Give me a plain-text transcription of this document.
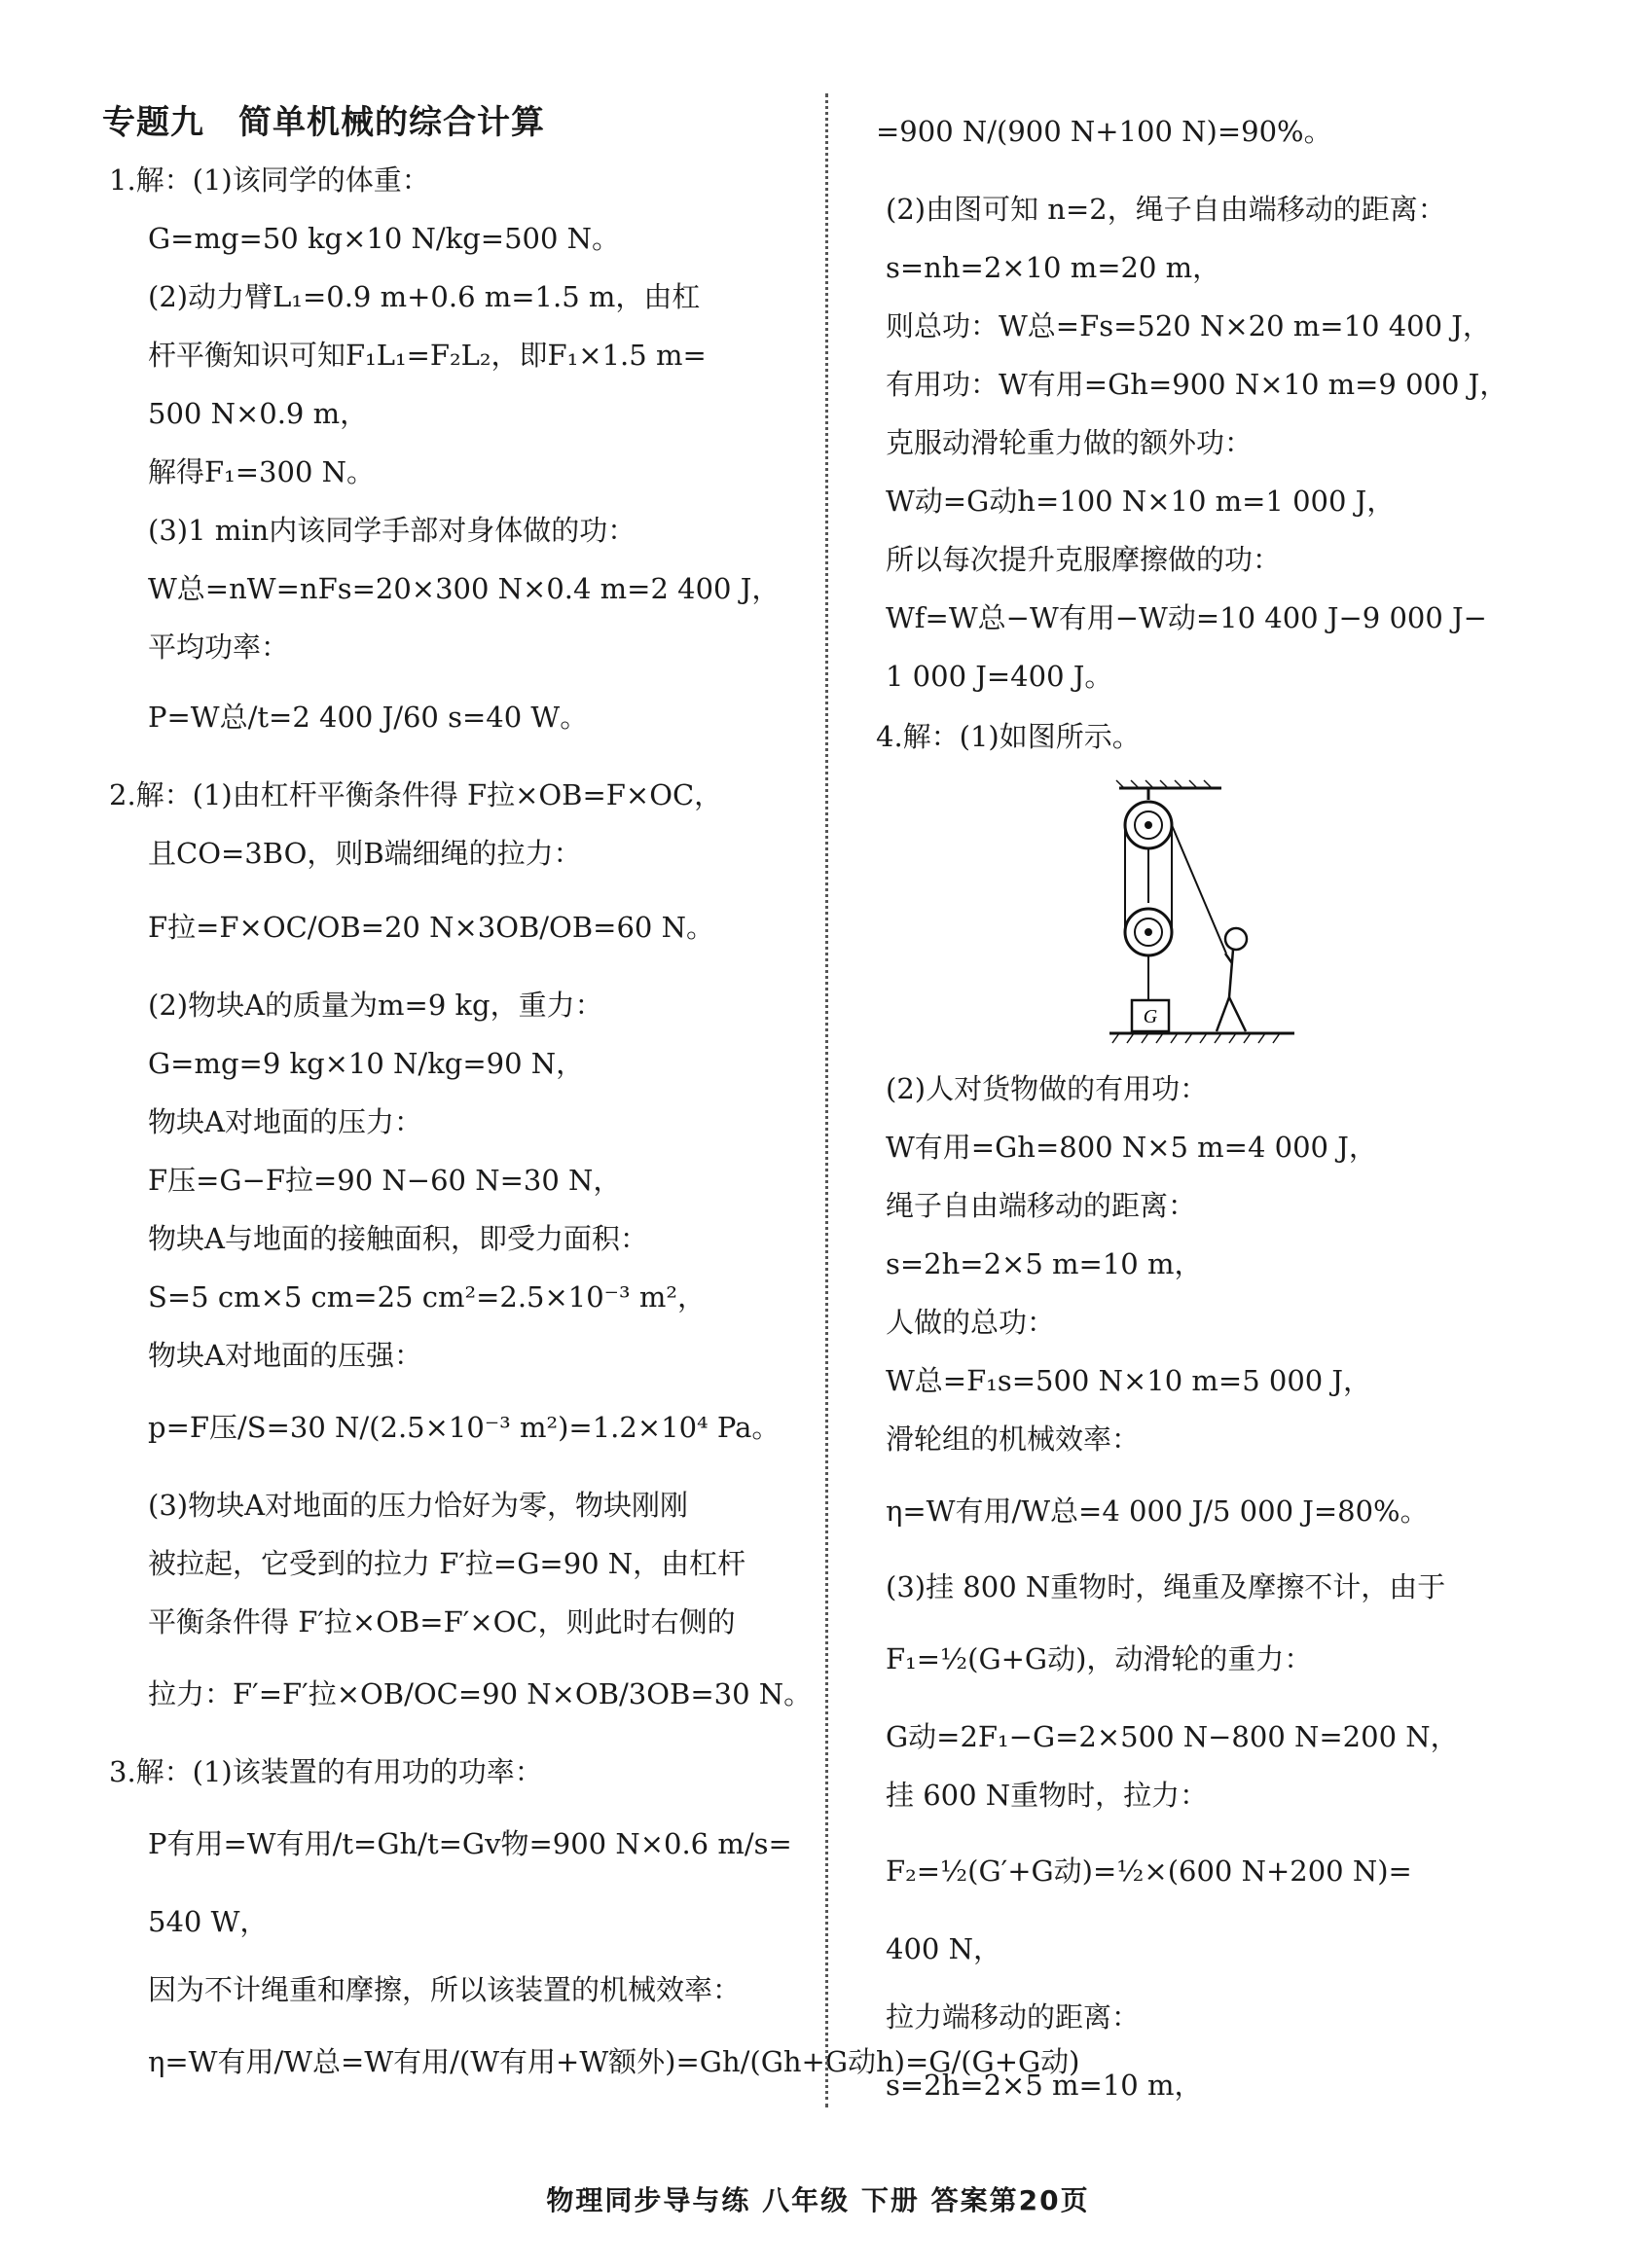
专题九　简单机械的综合计算
1.解：(1)该同学的体重：
G=mg=50 kg×10 N/kg=500 N。
(2)动力臂L₁=0.9 m+0.6 m=1.5 m，由杠
杆平衡知识可知F₁L₁=F₂L₂，即F₁×1.5 m=
500 N×0.9 m，
解得F₁=300 N。
(3)1 min内该同学手部对身体做的功：
W总=nW=nFs=20×300 N×0.4 m=2 400 J，
平均功率：
P=W总/t=2 400 J/60 s=40 W。
2.解：(1)由杠杆平衡条件得 F拉×OB=F×OC，
且CO=3BO，则B端细绳的拉力：
F拉=F×OC/OB=20 N×3OB/OB=60 N。
(2)物块A的质量为m=9 kg，重力：
G=mg=9 kg×10 N/kg=90 N，
物块A对地面的压力：
F压=G−F拉=90 N−60 N=30 N，
物块A与地面的接触面积，即受力面积：
S=5 cm×5 cm=25 cm²=2.5×10⁻³ m²，
物块A对地面的压强：
p=F压/S=30 N/(2.5×10⁻³ m²)=1.2×10⁴ Pa。
(3)物块A对地面的压力恰好为零，物块刚刚
被拉起，它受到的拉力 F′拉=G=90 N，由杠杆
平衡条件得 F′拉×OB=F′×OC，则此时右侧的
拉力：F′=F′拉×OB/OC=90 N×OB/3OB=30 N。
3.解：(1)该装置的有用功的功率：
P有用=W有用/t=Gh/t=Gv物=900 N×0.6 m/s=
540 W，
因为不计绳重和摩擦，所以该装置的机械效率：
η=W有用/W总=W有用/(W有用+W额外)=Gh/(Gh+G动h)=G/(G+G动)
=900 N/(900 N+100 N)=90%。
(2)由图可知 n=2，绳子自由端移动的距离：
s=nh=2×10 m=20 m，
则总功：W总=Fs=520 N×20 m=10 400 J，
有用功：W有用=Gh=900 N×10 m=9 000 J，
克服动滑轮重力做的额外功：
W动=G动h=100 N×10 m=1 000 J，
所以每次提升克服摩擦做的功：
Wf=W总−W有用−W动=10 400 J−9 000 J−
1 000 J=400 J。
4.解：(1)如图所示。
(2)人对货物做的有用功：
W有用=Gh=800 N×5 m=4 000 J，
绳子自由端移动的距离：
s=2h=2×5 m=10 m，
人做的总功：
W总=F₁s=500 N×10 m=5 000 J，
滑轮组的机械效率：
η=W有用/W总=4 000 J/5 000 J=80%。
(3)挂 800 N重物时，绳重及摩擦不计，由于
F₁=½(G+G动)，动滑轮的重力：
G动=2F₁−G=2×500 N−800 N=200 N，
挂 600 N重物时，拉力：
F₂=½(G′+G动)=½×(600 N+200 N)=
400 N，
拉力端移动的距离：
s=2h=2×5 m=10 m，
G
物理同步导与练 八年级 下册 答案第20页
